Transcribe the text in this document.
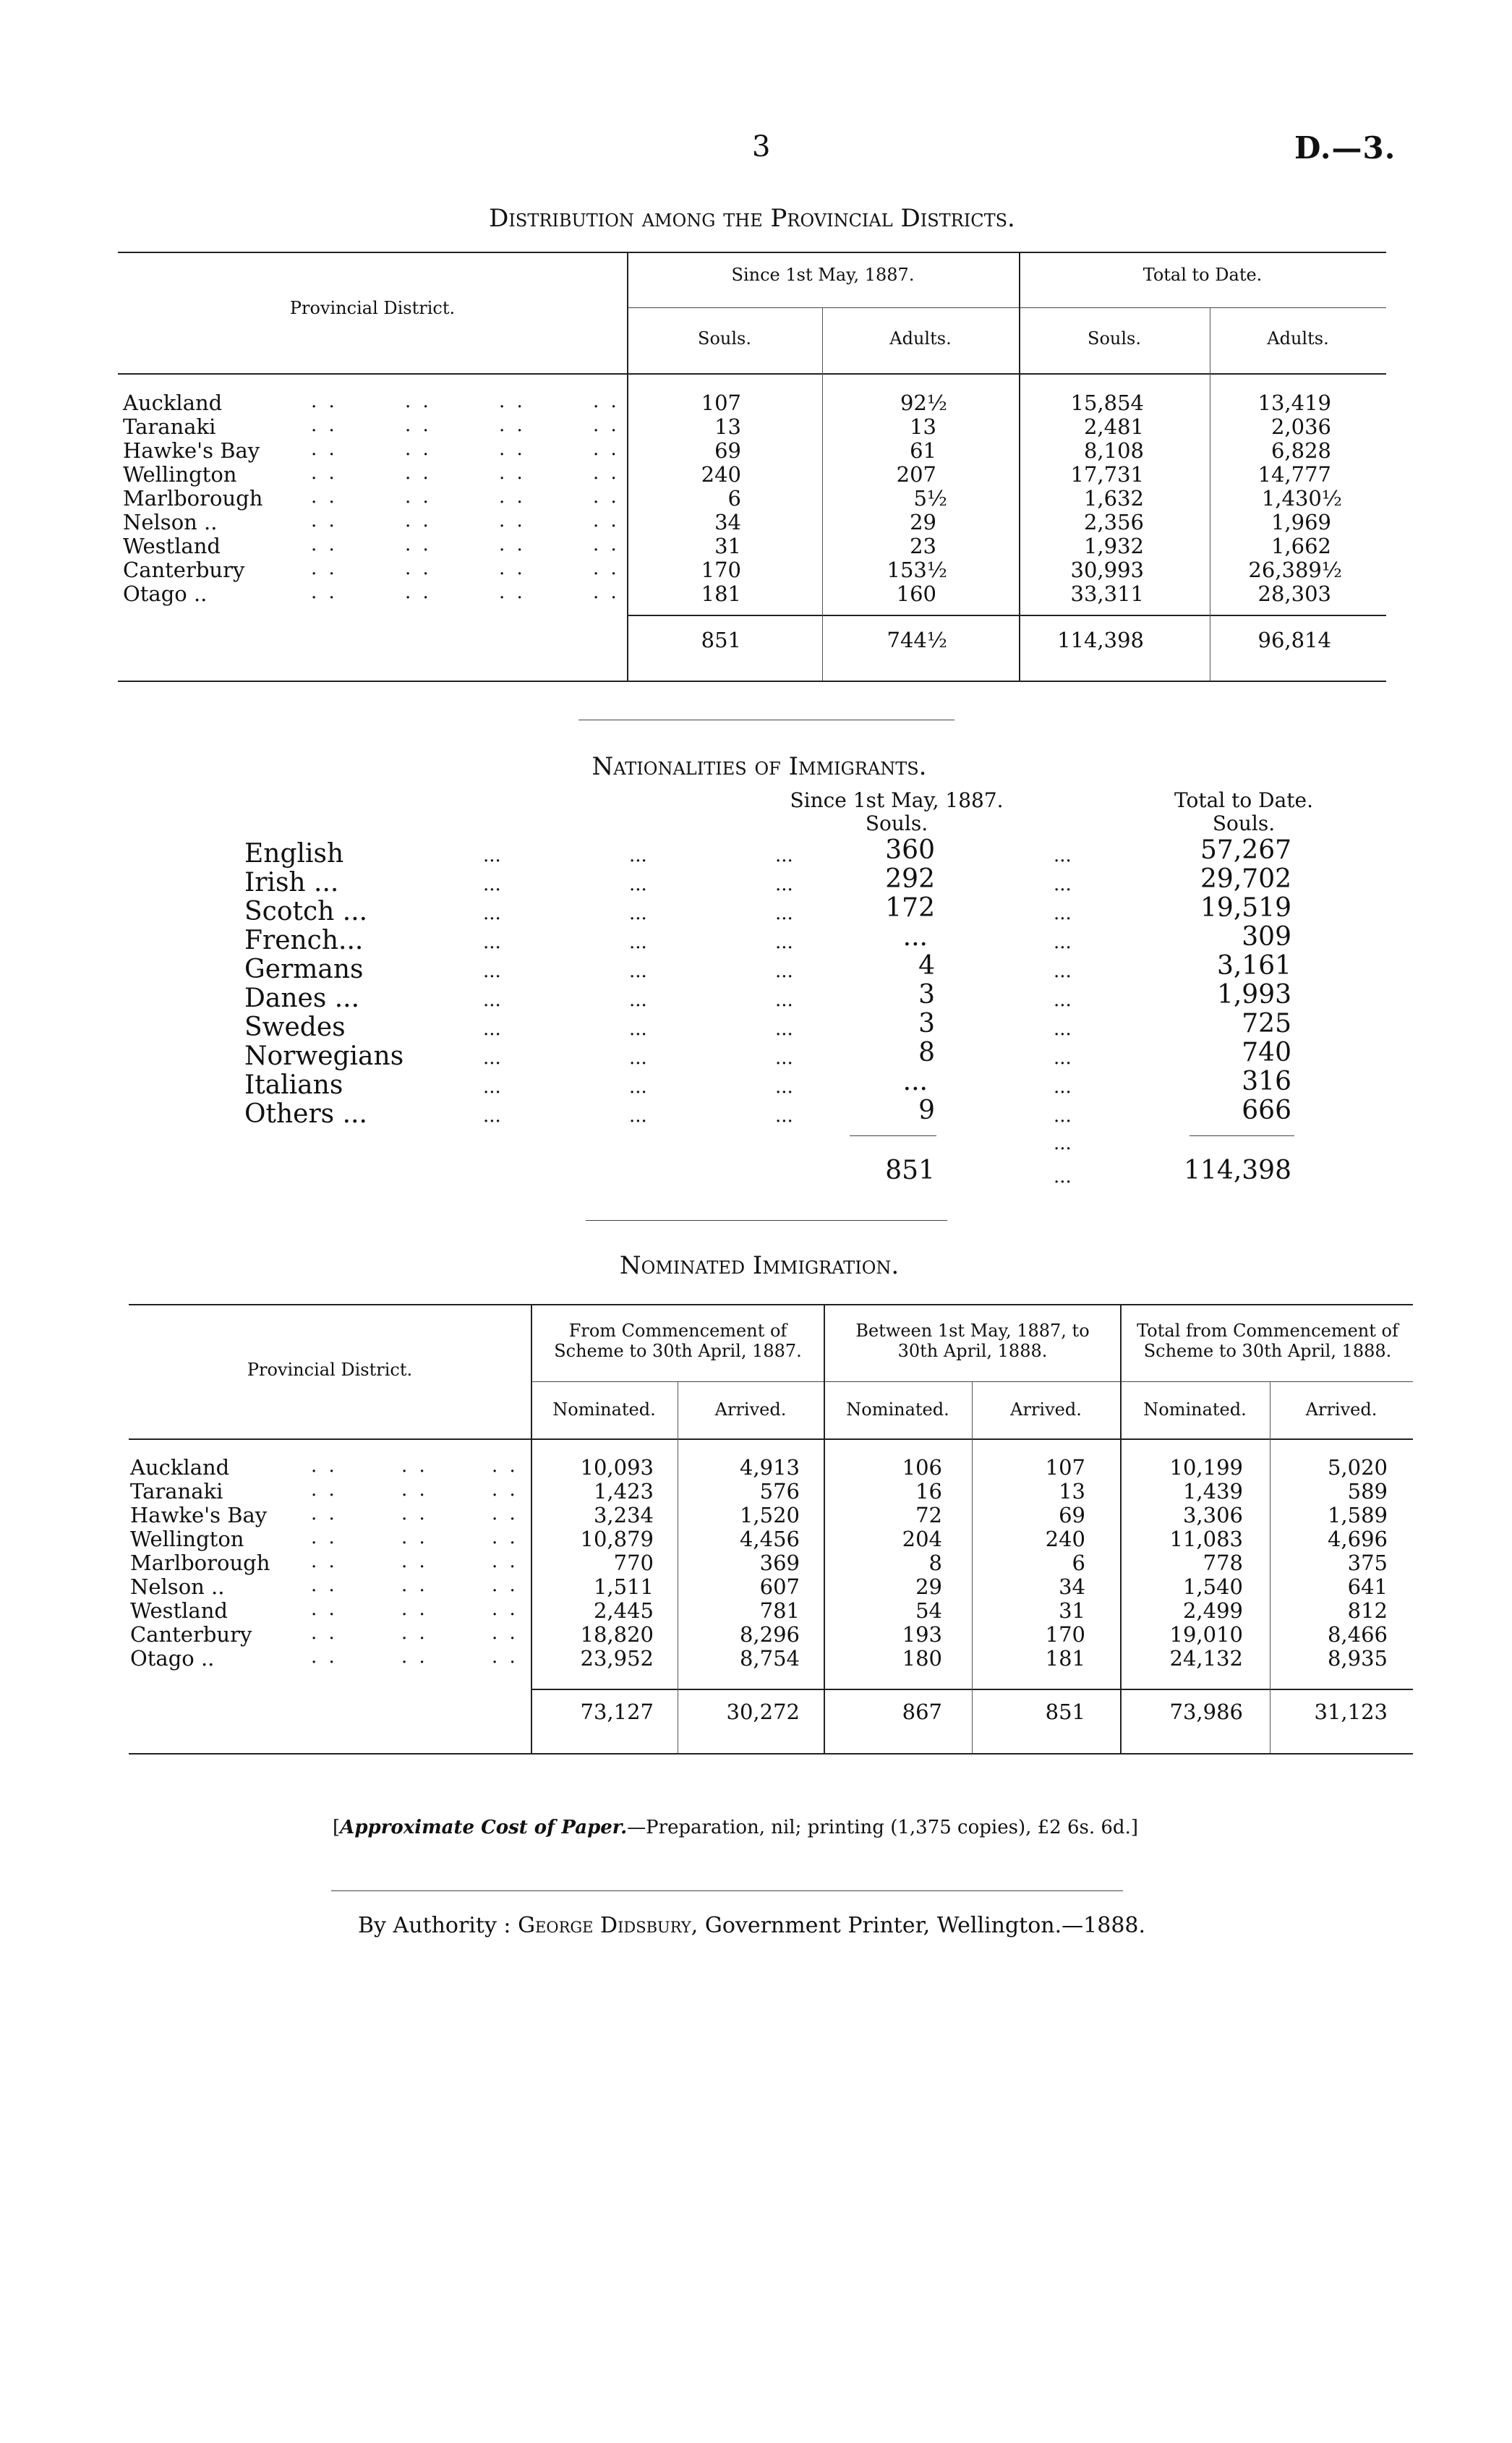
3	D.—3.
Distribution among the Provincial Districts.
Provincial District.
Since 1st May, 1887.	Total to Date.
Souls.	Adults.	Souls.	Adults.
Auckland	. .	. .	. .	. .	107	92½	15,854	13,419
Taranaki	. .	. .	. .	. .	13	13	2,481	2,036
Hawke's Bay	. .	. .	. .	. .	69	61	8,108	6,828
Wellington	. .	. .	. .	. .	240	207	17,731	14,777
Marlborough	. .	. .	. .	. .	6	5½	1,632	1,430½
Nelson ..	. .	. .	. .	. .	34	29	2,356	1,969
Westland	. .	. .	. .	. .	31	23	1,932	1,662
Canterbury	. .	. .	. .	. .	170	153½	30,993	26,389½
Otago ..	. .	. .	. .	. .	181	160	33,311	28,303
851	744½	114,398	96,814
Nationalities of Immigrants.
Since 1st May, 1887.
Souls.
Total to Date.
Souls.
English	...	...	...	360	...	57,267
Irish ...	...	...	...	292	...	29,702
Scotch ...	...	...	...	172	...	19,519
French...	...	...	...	...	...	309
Germans	...	...	...	4	...	3,161
Danes ...	...	...	...	3	...	1,993
Swedes	...	...	...	3	...	725
Norwegians	...	...	...	8	...	740
Italians	...	...	...	...	...	316
Others ...	...	...	...	9	...	666
...
851	...	114,398
Nominated Immigration.
Provincial District.
From Commencement of Scheme to 30th April, 1887.
Between 1st May, 1887, to 30th April, 1888.
Total from Commencement of Scheme to 30th April, 1888.
Nominated.	Arrived.	Nominated.	Arrived.	Nominated.	Arrived.
Auckland	. .	. .	. .	10,093	4,913	106	107	10,199	5,020
Taranaki	. .	. .	. .	1,423	576	16	13	1,439	589
Hawke's Bay . .	. .	. .	3,234	1,520	72	69	3,306	1,589
Wellington	. .	. .	. .	10,879	4,456	204	240	11,083	4,696
Marlborough . .	. .	. .	770	369	8	6	778	375
Nelson ..	. .	. .	. .	1,511	607	29	34	1,540	641
Westland	. .	. .	. .	2,445	781	54	31	2,499	812
Canterbury	. .	. .	. .	18,820	8,296	193	170	19,010	8,466
Otago ..	. .	. .	. .	23,952	8,754	180	181	24,132	8,935
73,127	30,272	867	851	73,986	31,123
[Approximate Cost of Paper.—Preparation, nil; printing (1,375 copies), £2 6s. 6d.]
By Authority : George Didsbury, Government Printer, Wellington.—1888.
